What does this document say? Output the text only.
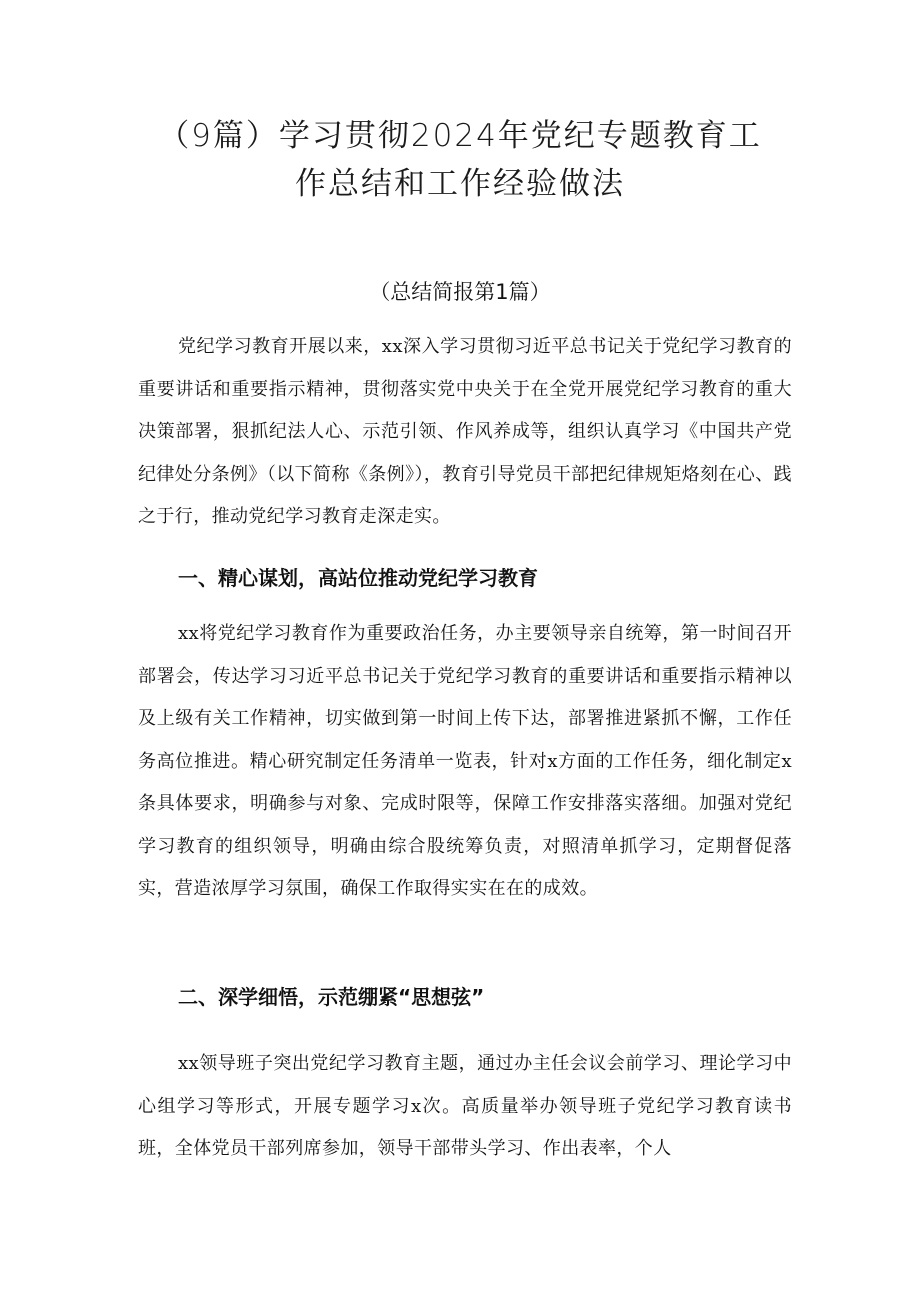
（9篇）学习贯彻2024年党纪专题教育工
作总结和工作经验做法
（总结简报第1篇）

党纪学习教育开展以来，xx深入学习贯彻习近平总书记关于党纪学习教育的重要讲话和重要指示精神，贯彻落实党中央关于在全党开展党纪学习教育的重大决策部署，狠抓纪法人心、示范引领、作风养成等，组织认真学习《中国共产党纪律处分条例》（以下简称《条例》），教育引导党员干部把纪律规矩烙刻在心、践之于行，推动党纪学习教育走深走实。

一、精心谋划，高站位推动党纪学习教育

xx将党纪学习教育作为重要政治任务，办主要领导亲自统筹，第一时间召开部署会，传达学习习近平总书记关于党纪学习教育的重要讲话和重要指示精神以及上级有关工作精神，切实做到第一时间上传下达，部署推进紧抓不懈，工作任务高位推进。精心研究制定任务清单一览表，针对x方面的工作任务，细化制定x条具体要求，明确参与对象、完成时限等，保障工作安排落实落细。加强对党纪学习教育的组织领导，明确由综合股统筹负责，对照清单抓学习，定期督促落实，营造浓厚学习氛围，确保工作取得实实在在的成效。

二、深学细悟，示范绷紧“思想弦”

xx领导班子突出党纪学习教育主题，通过办主任会议会前学习、理论学习中心组学习等形式，开展专题学习x次。高质量举办领导班子党纪学习教育读书班，全体党员干部列席参加，领导干部带头学习、作出表率，个人
